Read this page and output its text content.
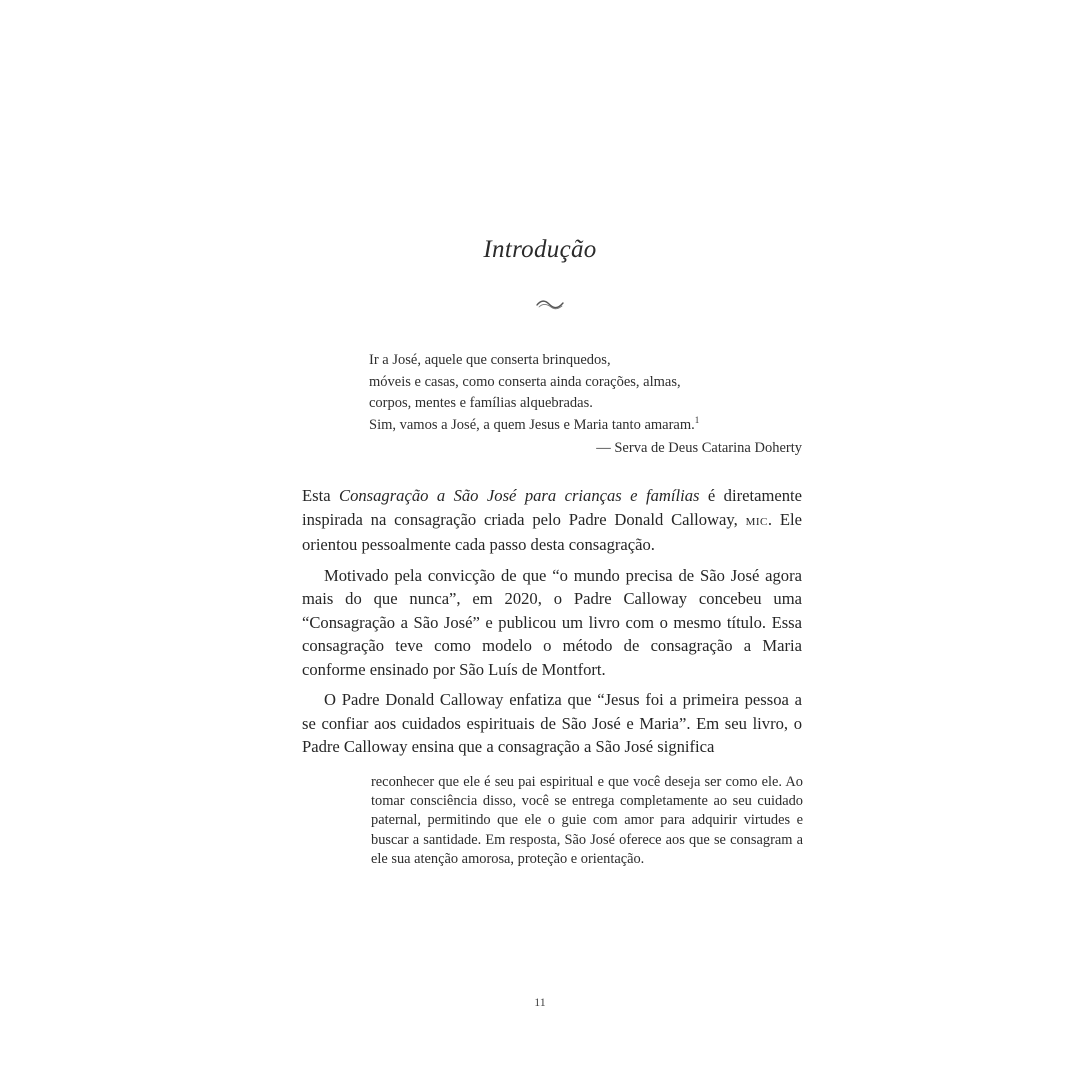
Introdução
Ir a José, aquele que conserta brinquedos,
móveis e casas, como conserta ainda corações, almas,
corpos, mentes e famílias alquebradas.
Sim, vamos a José, a quem Jesus e Maria tanto amaram.$^1$
— Serva de Deus Catarina Doherty

Esta Consagração a São José para crianças e famílias é diretamente inspirada na consagração criada pelo Padre Donald Calloway, mic. Ele orientou pessoalmente cada passo desta consagração.

Motivado pela convicção de que “o mundo precisa de São José agora mais do que nunca”, em 2020, o Padre Calloway concebeu uma “Consagração a São José” e publicou um livro com o mesmo título. Essa consagração teve como modelo o método de consagração a Maria conforme ensinado por São Luís de Montfort.

O Padre Donald Calloway enfatiza que “Jesus foi a primeira pessoa a se confiar aos cuidados espirituais de São José e Maria”. Em seu livro, o Padre Calloway ensina que a consagração a São José significa

reconhecer que ele é seu pai espiritual e que você deseja ser como ele. Ao tomar consciência disso, você se entrega completamente ao seu cuidado paternal, permitindo que ele o guie com amor para adquirir virtudes e buscar a santidade. Em resposta, São José oferece aos que se consagram a ele sua atenção amorosa, proteção e orientação.
11
